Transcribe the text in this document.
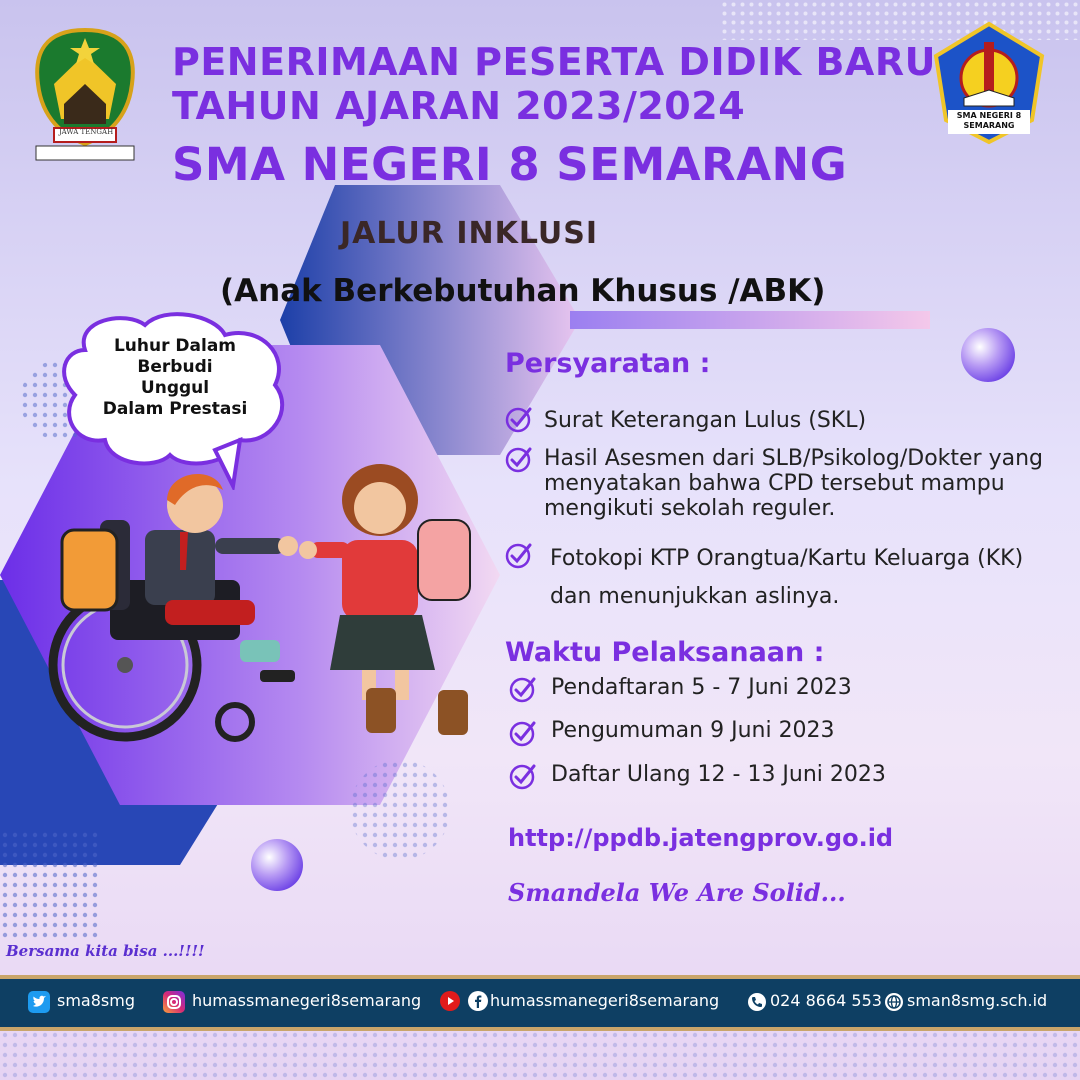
JAWA TENGAH
SMA NEGERI 8 SEMARANG
PENERIMAAN PESERTA DIDIK BARU
TAHUN AJARAN 2023/2024
SMA NEGERI 8 SEMARANG
JALUR INKLUSI
(Anak Berkebutuhan Khusus /ABK)
Luhur Dalam
Berbudi
Unggul
Dalam Prestasi
Persyaratan :
Surat Keterangan Lulus (SKL)
Hasil Asesmen dari SLB/Psikolog/Dokter yang menyatakan bahwa CPD tersebut mampu mengikuti sekolah reguler.
Fotokopi KTP Orangtua/Kartu Keluarga (KK) dan menunjukkan aslinya.
Waktu Pelaksanaan :
Pendaftaran 5 - 7 Juni 2023
Pengumuman 9 Juni 2023
Daftar Ulang 12 - 13 Juni 2023
http://ppdb.jatengprov.go.id
Smandela We Are Solid...
Bersama kita bisa ...!!!!
sma8smg	humassmanegeri8semarang	humassmanegeri8semarang	024 8664 553 sman8smg.sch.id
